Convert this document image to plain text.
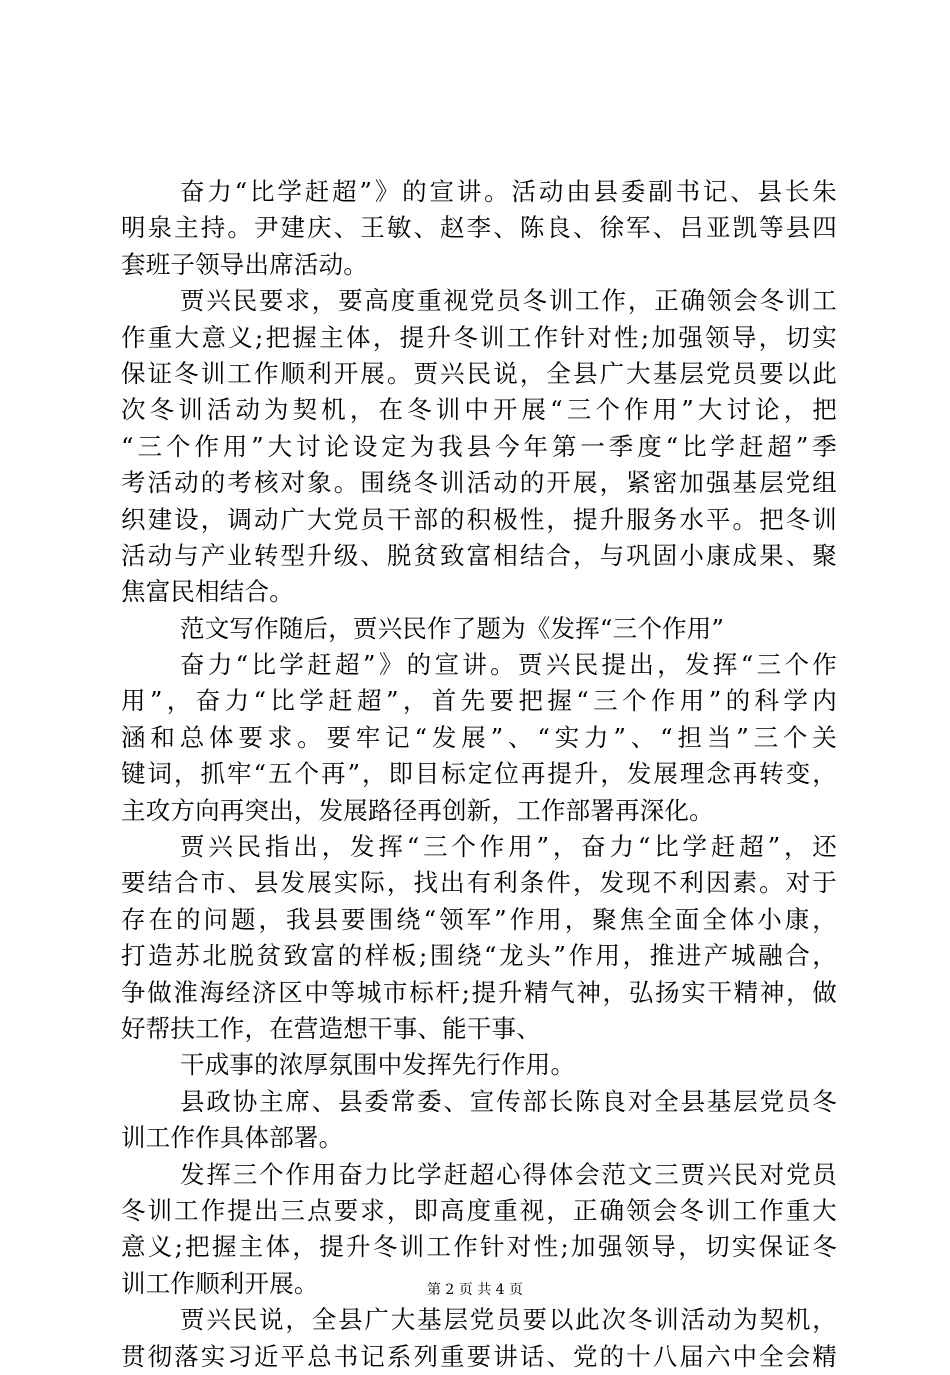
奋力“比学赶超”》的宣讲。活动由县委副书记、县长朱
明泉主持。尹建庆、王敏、赵李、陈良、徐军、吕亚凯等县四
套班子领导出席活动。
贾兴民要求，要高度重视党员冬训工作，正确领会冬训工
作重大意义;把握主体，提升冬训工作针对性;加强领导，切实
保证冬训工作顺利开展。贾兴民说，全县广大基层党员要以此
次冬训活动为契机，在冬训中开展“三个作用”大讨论，把
“三个作用”大讨论设定为我县今年第一季度“比学赶超”季
考活动的考核对象。围绕冬训活动的开展，紧密加强基层党组
织建设，调动广大党员干部的积极性，提升服务水平。把冬训
活动与产业转型升级、脱贫致富相结合，与巩固小康成果、聚
焦富民相结合。
范文写作随后，贾兴民作了题为《发挥“三个作用”
奋力“比学赶超”》的宣讲。贾兴民提出，发挥“三个作
用”，奋力“比学赶超”，首先要把握“三个作用”的科学内
涵和总体要求。要牢记“发展”、“实力”、“担当”三个关
键词，抓牢“五个再”，即目标定位再提升，发展理念再转变，
主攻方向再突出，发展路径再创新，工作部署再深化。
贾兴民指出，发挥“三个作用”，奋力“比学赶超”，还
要结合市、县发展实际，找出有利条件，发现不利因素。对于
存在的问题，我县要围绕“领军”作用，聚焦全面全体小康，
打造苏北脱贫致富的样板;围绕“龙头”作用，推进产城融合，
争做淮海经济区中等城市标杆;提升精气神，弘扬实干精神，做
好帮扶工作，在营造想干事、能干事、
干成事的浓厚氛围中发挥先行作用。
县政协主席、县委常委、宣传部长陈良对全县基层党员冬
训工作作具体部署。
发挥三个作用奋力比学赶超心得体会范文三贾兴民对党员
冬训工作提出三点要求，即高度重视，正确领会冬训工作重大
意义;把握主体，提升冬训工作针对性;加强领导，切实保证冬
训工作顺利开展。
贾兴民说，全县广大基层党员要以此次冬训活动为契机，
贯彻落实习近平总书记系列重要讲话、党的十八届六中全会精
第 2 页 共 4 页
